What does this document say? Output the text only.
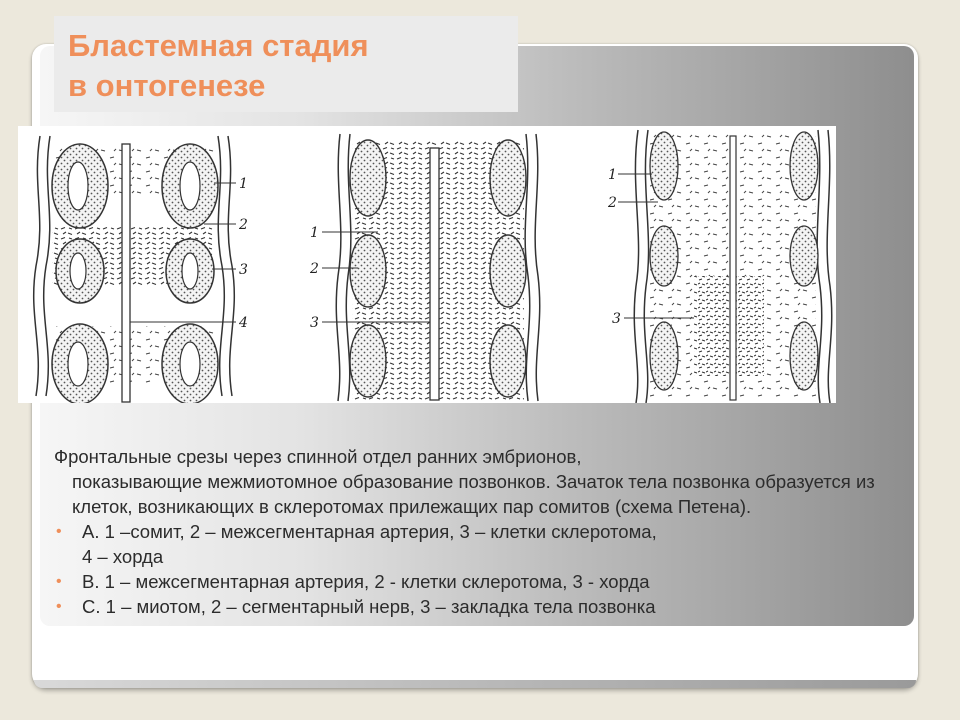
Бластемная стадия
в онтогенезе
1
2
3
4
1
2
3
1
2
3
Фронтальные срезы через спинной отдел ранних эмбрионов,
показывающие межмиотомное образование позвонков. Зачаток тела позвонка образуется из клеток, возникающих в склеротомах прилежащих пар сомитов (схема Петена).
• А. 1 –сомит, 2 – межсегментарная артерия, 3 – клетки склеротома,
4 – хорда
• В. 1 – межсегментарная артерия, 2 - клетки склеротома, 3 - хорда
• С. 1 – миотом, 2 – сегментарный нерв, 3 – закладка тела позвонка
